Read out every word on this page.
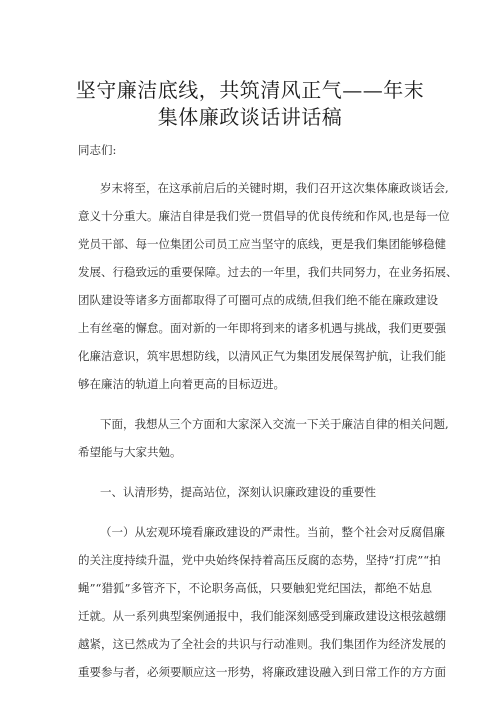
坚守廉洁底线，共筑清风正气——年末
集体廉政谈话讲话稿
同志们:
岁末将至，在这承前启后的关键时期，我们召开这次集体廉政谈话会,
意义十分重大。廉洁自律是我们党一贯倡导的优良传统和作风,也是每一位
党员干部、每一位集团公司员工应当坚守的底线，更是我们集团能够稳健
发展、行稳致远的重要保障。过去的一年里，我们共同努力，在业务拓展、
团队建设等诸多方面都取得了可圈可点的成绩,但我们绝不能在廉政建设
上有丝毫的懈怠。面对新的一年即将到来的诸多机遇与挑战，我们更要强
化廉洁意识，筑牢思想防线，以清风正气为集团发展保驾护航，让我们能
够在廉洁的轨道上向着更高的目标迈进。
下面，我想从三个方面和大家深入交流一下关于廉洁自律的相关问题,
希望能与大家共勉。
一、认清形势，提高站位，深刻认识廉政建设的重要性
（一）从宏观环境看廉政建设的严肃性。当前，整个社会对反腐倡廉
的关注度持续升温，党中央始终保持着高压反腐的态势，坚持“打虎”“拍
蝇”“猎狐”多管齐下，不论职务高低，只要触犯党纪国法，都绝不姑息
迁就。从一系列典型案例通报中，我们能深刻感受到廉政建设这根弦越绷
越紧，这已然成为了全社会的共识与行动准则。我们集团作为经济发展的
重要参与者，必须要顺应这一形势，将廉政建设融入到日常工作的方方面
